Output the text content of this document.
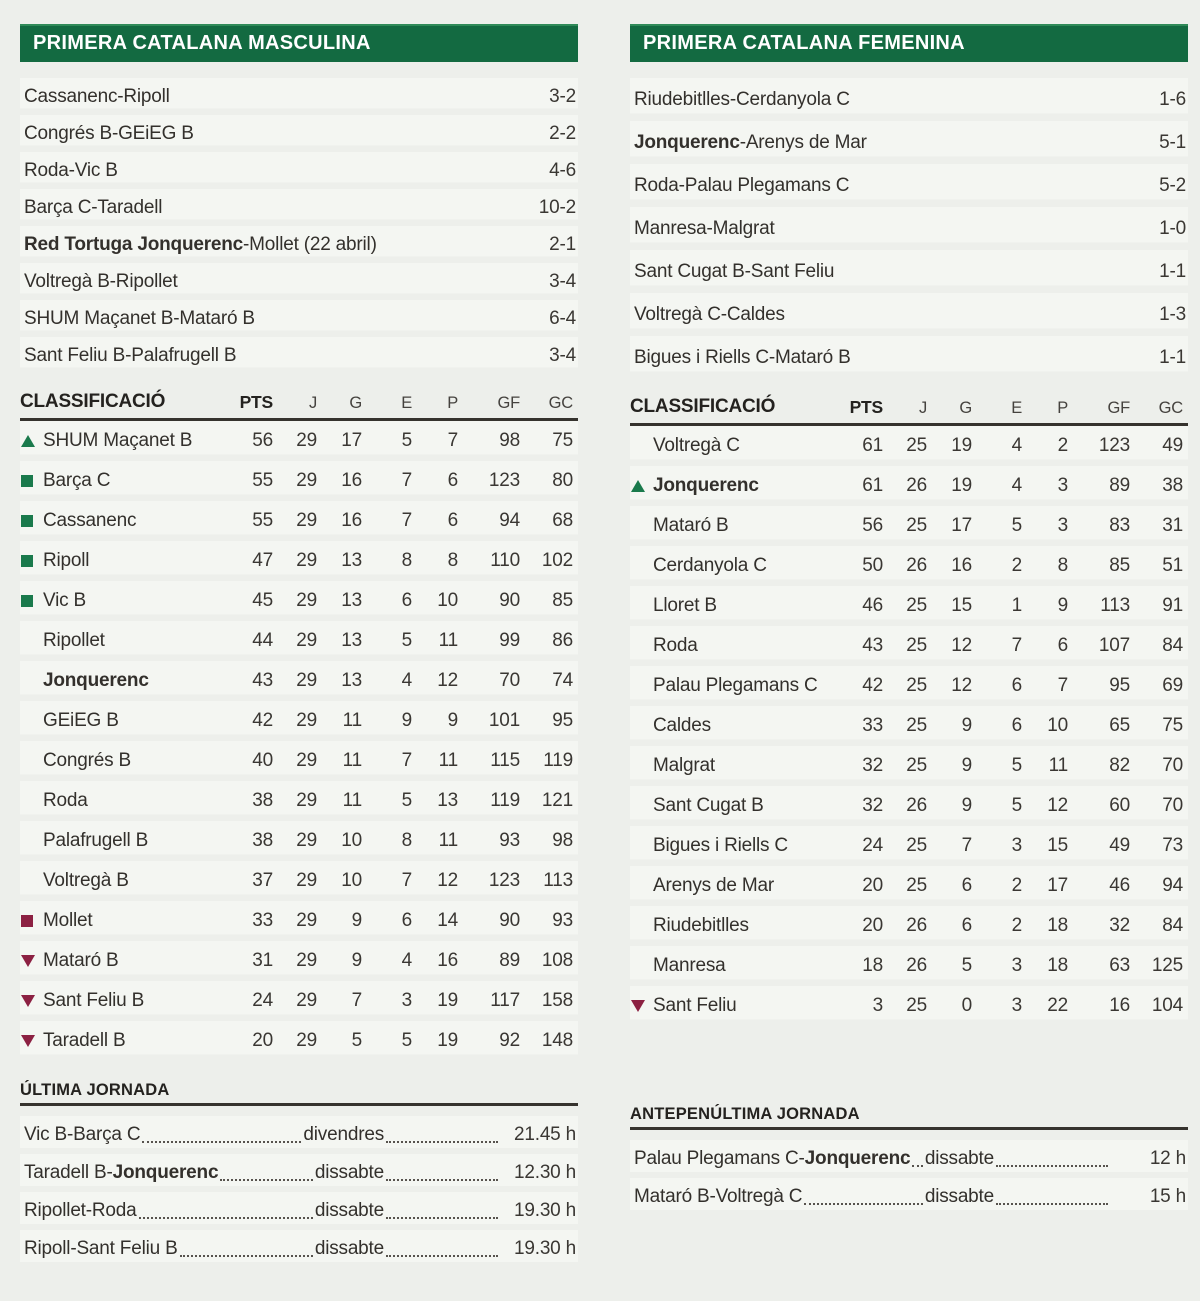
PRIMERA CATALANA MASCULINA
Cassanenc-Ripoll	3-2
Congrés B-GEiEG B	2-2
Roda-Vic B	4-6
Barça C-Taradell	10-2
Red Tortuga Jonquerenc-Mollet (22 abril)	2-1
Voltregà B-Ripollet	3-4
SHUM Maçanet B-Mataró B	6-4
Sant Feliu B-Palafrugell B	3-4
CLASSIFICACIÓ	PTS	J	G	E	P	GF	GC
SHUM Maçanet B	56	29	17	5	7	98	75
Barça C	55	29	16	7	6	123	80
Cassanenc	55	29	16	7	6	94	68
Ripoll	47	29	13	8	8	110	102
Vic B	45	29	13	6	10	90	85
Ripollet	44	29	13	5	11	99	86
Jonquerenc	43	29	13	4	12	70	74
GEiEG B	42	29	11	9	9	101	95
Congrés B	40	29	11	7	11	115	119
Roda	38	29	11	5	13	119	121
Palafrugell B	38	29	10	8	11	93	98
Voltregà B	37	29	10	7	12	123	113
Mollet	33	29	9	6	14	90	93
Mataró B	31	29	9	4	16	89	108
Sant Feliu B	24	29	7	3	19	117	158
Taradell B	20	29	5	5	19	92	148
ÚLTIMA JORNADA
Vic B-Barça C	divendres	21.45 h
Taradell B-Jonquerenc	dissabte	12.30 h
Ripollet-Roda	dissabte	19.30 h
Ripoll-Sant Feliu B	dissabte	19.30 h
PRIMERA CATALANA FEMENINA
Riudebitlles-Cerdanyola C	1-6
Jonquerenc-Arenys de Mar	5-1
Roda-Palau Plegamans C	5-2
Manresa-Malgrat	1-0
Sant Cugat B-Sant Feliu	1-1
Voltregà C-Caldes	1-3
Bigues i Riells C-Mataró B	1-1
CLASSIFICACIÓ	PTS	J	G	E	P	GF	GC
Voltregà C	61	25	19	4	2	123	49
Jonquerenc	61	26	19	4	3	89	38
Mataró B	56	25	17	5	3	83	31
Cerdanyola C	50	26	16	2	8	85	51
Lloret B	46	25	15	1	9	113	91
Roda	43	25	12	7	6	107	84
Palau Plegamans C	42	25	12	6	7	95	69
Caldes	33	25	9	6	10	65	75
Malgrat	32	25	9	5	11	82	70
Sant Cugat B	32	26	9	5	12	60	70
Bigues i Riells C	24	25	7	3	15	49	73
Arenys de Mar	20	25	6	2	17	46	94
Riudebitlles	20	26	6	2	18	32	84
Manresa	18	26	5	3	18	63	125
Sant Feliu	3	25	0	3	22	16	104
ANTEPENÚLTIMA JORNADA
Palau Plegamans C-Jonquerenc dissabte	12 h
Mataró B-Voltregà C	dissabte	15 h
